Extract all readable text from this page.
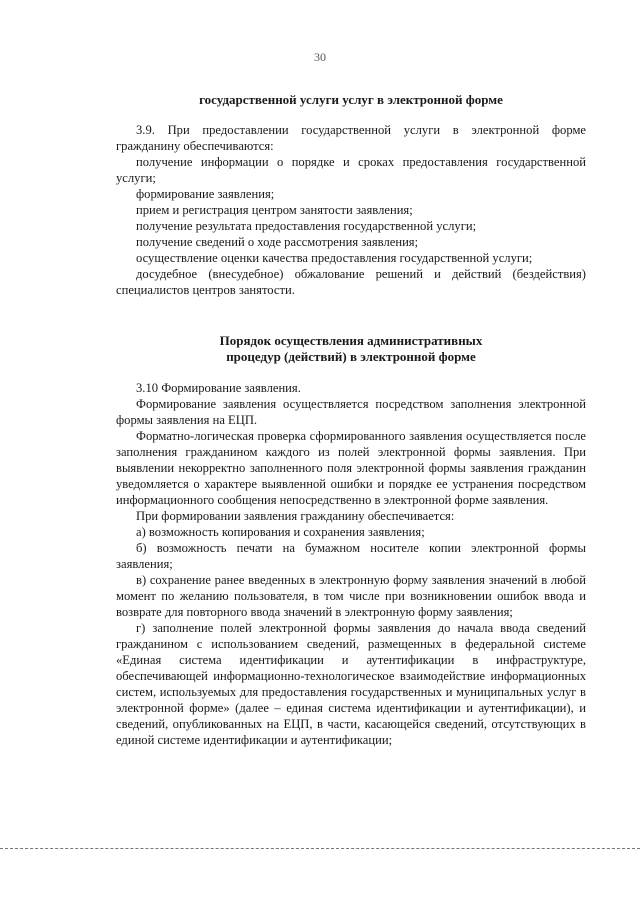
30
государственной услуги услуг в электронной форме

3.9. При предоставлении государственной услуги в электронной форме гражданину обеспечиваются:

получение информации о порядке и сроках предоставления государственной услуги;

формирование заявления;

прием и регистрация центром занятости заявления;

получение результата предоставления государственной услуги;

получение сведений о ходе рассмотрения заявления;

осуществление оценки качества предоставления государственной услуги;

досудебное (внесудебное) обжалование решений и действий (бездействия) специалистов центров занятости.

Порядок осуществления административных
процедур (действий) в электронной форме

3.10 Формирование заявления.

Формирование заявления осуществляется посредством заполнения электронной формы заявления на ЕЦП.

Форматно-логическая проверка сформированного заявления осуществляется после заполнения гражданином каждого из полей электронной формы заявления. При выявлении некорректно заполненного поля электронной формы заявления гражданин уведомляется о характере выявленной ошибки и порядке ее устранения посредством информационного сообщения непосредственно в электронной форме заявления.

При формировании заявления гражданину обеспечивается:

а) возможность копирования и сохранения заявления;

б) возможность печати на бумажном носителе копии электронной формы заявления;

в) сохранение ранее введенных в электронную форму заявления значений в любой момент по желанию пользователя, в том числе при возникновении ошибок ввода и возврате для повторного ввода значений в электронную форму заявления;

г) заполнение полей электронной формы заявления до начала ввода сведений гражданином с использованием сведений, размещенных в федеральной системе «Единая система идентификации и аутентификации в инфраструктуре, обеспечивающей информационно-технологическое взаимодействие информационных систем, используемых для предоставления государственных и муниципальных услуг в электронной форме» (далее – единая система идентификации и аутентификации), и сведений, опубликованных на ЕЦП, в части, касающейся сведений, отсутствующих в единой системе идентификации и аутентификации;
